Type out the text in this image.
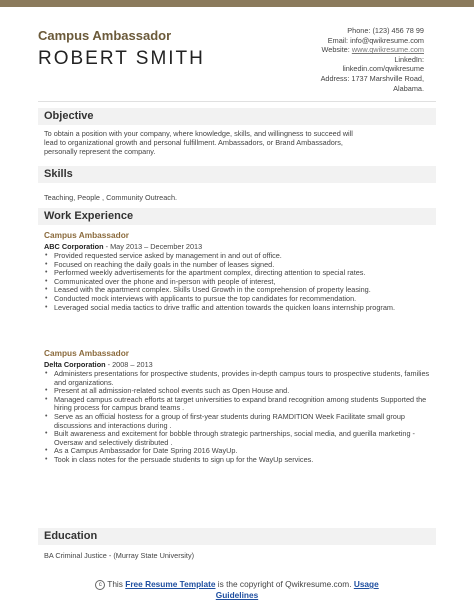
Campus Ambassador
ROBERT SMITH
Phone: (123) 456 78 99
Email: info@qwikresume.com
Website: www.qwikresume.com
LinkedIn:
linkedin.com/qwikresume
Address: 1737 Marshville Road,
Alabama.
Objective
To obtain a position with your company, where knowledge, skills, and willingness to succeed will
lead to organizational growth and personal fulfillment. Ambassadors, or Brand Ambassadors,
personally represent the company.
Skills
Teaching, People , Community Outreach.
Work Experience
Campus Ambassador
ABC Corporation - May 2013 – December 2013
• Provided requested service asked by management in and out of office.
• Focused on reaching the daily goals in the number of leases signed.
• Performed weekly advertisements for the apartment complex, directing attention to special rates.
• Communicated over the phone and in-person with people of interest,
• Leased with the apartment complex. Skills Used Growth in the comprehension of property leasing.
• Conducted mock interviews with applicants to pursue the top candidates for recommendation.
• Leveraged social media tactics to drive traffic and attention towards the quicken loans internship program.
Campus Ambassador
Delta Corporation - 2008 – 2013
• Administers presentations for prospective students, provides in-depth campus tours to prospective students, families and organizations.
• Present at all admission-related school events such as Open House and.
• Managed campus outreach efforts at target universities to expand brand recognition among students Supported the hiring process for campus brand teams .
• Serve as an official hostess for a group of first-year students during RAMDITION Week Facilitate small group discussions and interactions during .
• Built awareness and excitement for bobble through strategic partnerships, social media, and guerilla marketing - Oversaw and selectively distributed .
• As a Campus Ambassador for Date Spring 2016 WayUp.
• Took in class notes for the persuade students to sign up for the WayUp services.
Education
BA Criminal Justice - (Murray State University)
c This Free Resume Template is the copyright of Qwikresume.com. Usage
Guidelines
